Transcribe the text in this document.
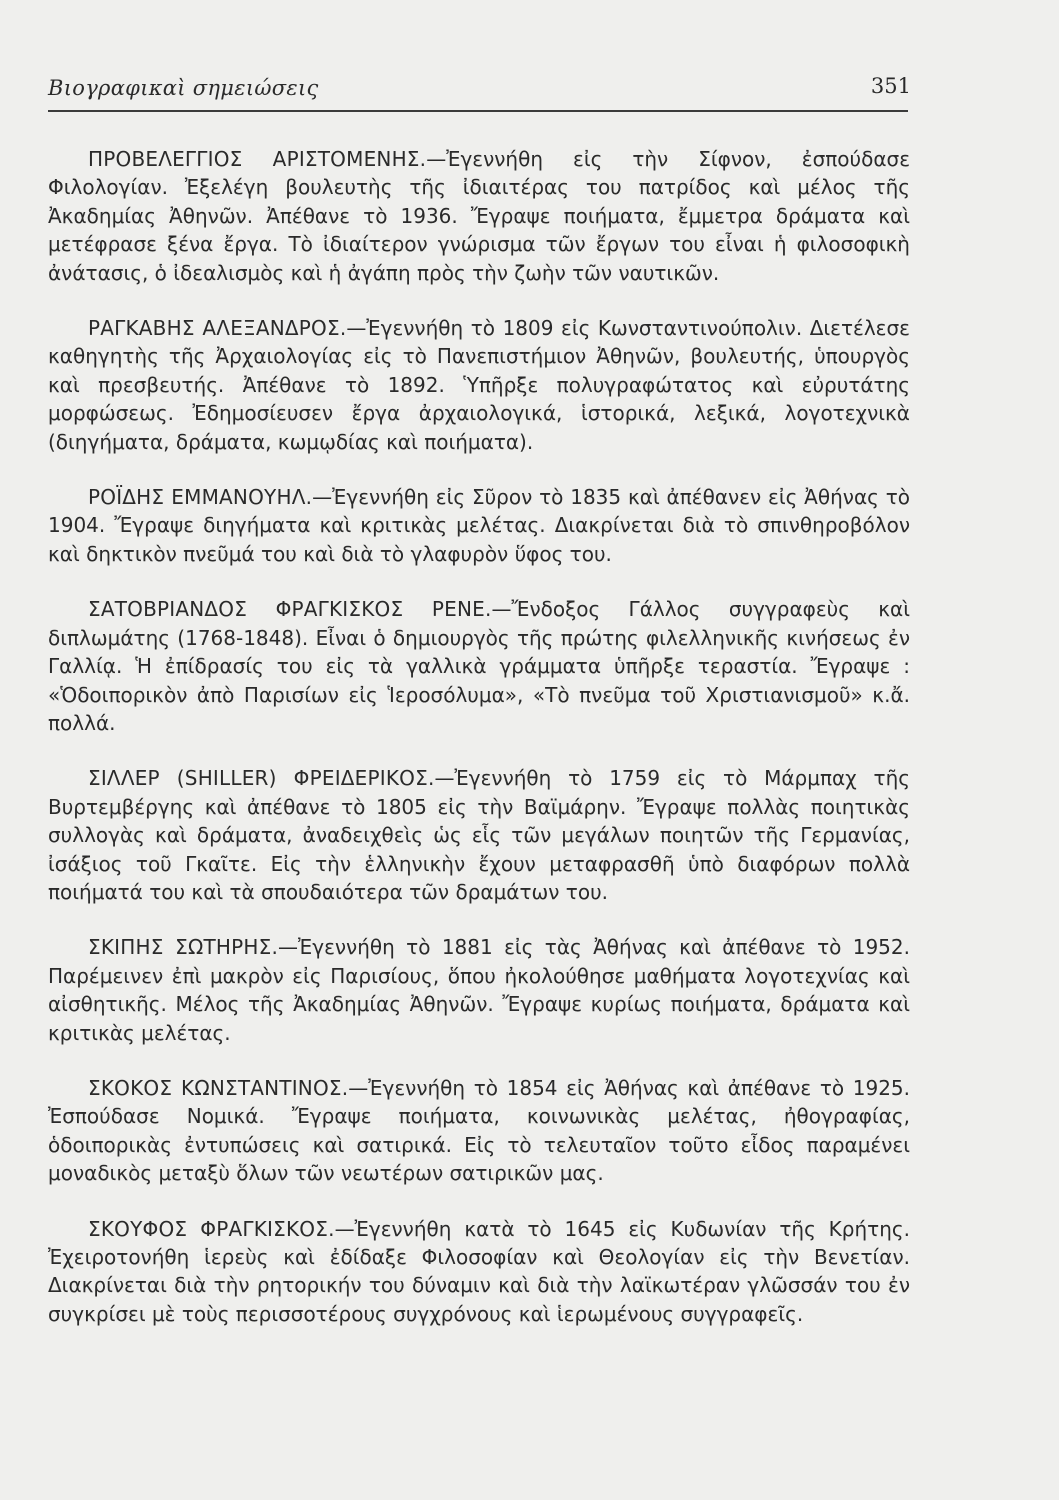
Βιογραφικαὶ σημειώσεις	351

ΠΡΟΒΕΛΕΓΓΙΟΣ ΑΡΙΣΤΟΜΕΝΗΣ.—Ἐγεννήθη εἰς τὴν Σίφνον, ἐσπούδασε Φιλολογίαν. Ἐξελέγη βουλευτὴς τῆς ἰδιαιτέρας του πατρίδος καὶ μέλος τῆς Ἀκαδημίας Ἀθηνῶν. Ἀπέθανε τὸ 1936. Ἔγραψε ποιήματα, ἔμμετρα δράματα καὶ μετέφρασε ξένα ἔργα. Τὸ ἰδιαίτερον γνώρισμα τῶν ἔργων του εἶναι ἡ φιλοσοφικὴ ἀνάτασις, ὁ ἰδεαλισμὸς καὶ ἡ ἀγάπη πρὸς τὴν ζωὴν τῶν ναυτικῶν.

ΡΑΓΚΑΒΗΣ ΑΛΕΞΑΝΔΡΟΣ.—Ἐγεννήθη τὸ 1809 εἰς Κωνσταντινούπολιν. Διετέλεσε καθηγητὴς τῆς Ἀρχαιολογίας εἰς τὸ Πανεπιστήμιον Ἀθηνῶν, βουλευτής, ὑπουργὸς καὶ πρεσβευτής. Ἀπέθανε τὸ 1892. Ὑπῆρξε πολυγραφώτατος καὶ εὐρυτάτης μορφώσεως. Ἐδημοσίευσεν ἔργα ἀρχαιολογικά, ἱστορικά, λεξικά, λογοτεχνικὰ (διηγήματα, δράματα, κωμῳδίας καὶ ποιήματα).

ΡΟΪΔΗΣ ΕΜΜΑΝΟΥΗΛ.—Ἐγεννήθη εἰς Σῦρον τὸ 1835 καὶ ἀπέθανεν εἰς Ἀθήνας τὸ 1904. Ἔγραψε διηγήματα καὶ κριτικὰς μελέτας. Διακρίνεται διὰ τὸ σπινθηροβόλον καὶ δηκτικὸν πνεῦμά του καὶ διὰ τὸ γλαφυρὸν ὕφος του.

ΣΑΤΟΒΡΙΑΝΔΟΣ ΦΡΑΓΚΙΣΚΟΣ ΡΕΝΕ.—Ἔνδοξος Γάλλος συγγραφεὺς καὶ διπλωμάτης (1768-1848). Εἶναι ὁ δημιουργὸς τῆς πρώτης φιλελληνικῆς κινήσεως ἐν Γαλλίᾳ. Ἡ ἐπίδρασίς του εἰς τὰ γαλλικὰ γράμματα ὑπῆρξε τεραστία. Ἔγραψε : «Ὁδοιπορικὸν ἀπὸ Παρισίων εἰς Ἱεροσόλυμα», «Τὸ πνεῦμα τοῦ Χριστιανισμοῦ» κ.ἄ. πολλά.

ΣΙΛΛΕΡ (SHILLER) ΦΡΕΙΔΕΡΙΚΟΣ.—Ἐγεννήθη τὸ 1759 εἰς τὸ Μάρμπαχ τῆς Βυρτεμβέργης καὶ ἀπέθανε τὸ 1805 εἰς τὴν Βαϊμάρην. Ἔγραψε πολλὰς ποιητικὰς συλλογὰς καὶ δράματα, ἀναδειχθεὶς ὡς εἷς τῶν μεγάλων ποιητῶν τῆς Γερμανίας, ἰσάξιος τοῦ Γκαῖτε. Εἰς τὴν ἑλληνικὴν ἔχουν μεταφρασθῆ ὑπὸ διαφόρων πολλὰ ποιήματά του καὶ τὰ σπουδαιότερα τῶν δραμάτων του.

ΣΚΙΠΗΣ ΣΩΤΗΡΗΣ.—Ἐγεννήθη τὸ 1881 εἰς τὰς Ἀθήνας καὶ ἀπέθανε τὸ 1952. Παρέμεινεν ἐπὶ μακρὸν εἰς Παρισίους, ὅπου ἠκολούθησε μαθήματα λογοτεχνίας καὶ αἰσθητικῆς. Μέλος τῆς Ἀκαδημίας Ἀθηνῶν. Ἔγραψε κυρίως ποιήματα, δράματα καὶ κριτικὰς μελέτας.

ΣΚΟΚΟΣ ΚΩΝΣΤΑΝΤΙΝΟΣ.—Ἐγεννήθη τὸ 1854 εἰς Ἀθήνας καὶ ἀπέθανε τὸ 1925. Ἐσπούδασε Νομικά. Ἔγραψε ποιήματα, κοινωνικὰς μελέτας, ἠθογραφίας, ὁδοιπορικὰς ἐντυπώσεις καὶ σατιρικά. Εἰς τὸ τελευταῖον τοῦτο εἶδος παραμένει μοναδικὸς μεταξὺ ὅλων τῶν νεωτέρων σατιρικῶν μας.

ΣΚΟΥΦΟΣ ΦΡΑΓΚΙΣΚΟΣ.—Ἐγεννήθη κατὰ τὸ 1645 εἰς Κυδωνίαν τῆς Κρήτης. Ἐχειροτονήθη ἱερεὺς καὶ ἐδίδαξε Φιλοσοφίαν καὶ Θεολογίαν εἰς τὴν Βενετίαν. Διακρίνεται διὰ τὴν ρητορικήν του δύναμιν καὶ διὰ τὴν λαϊκωτέραν γλῶσσάν του ἐν συγκρίσει μὲ τοὺς περισσοτέρους συγχρόνους καὶ ἱερωμένους συγγραφεῖς.
